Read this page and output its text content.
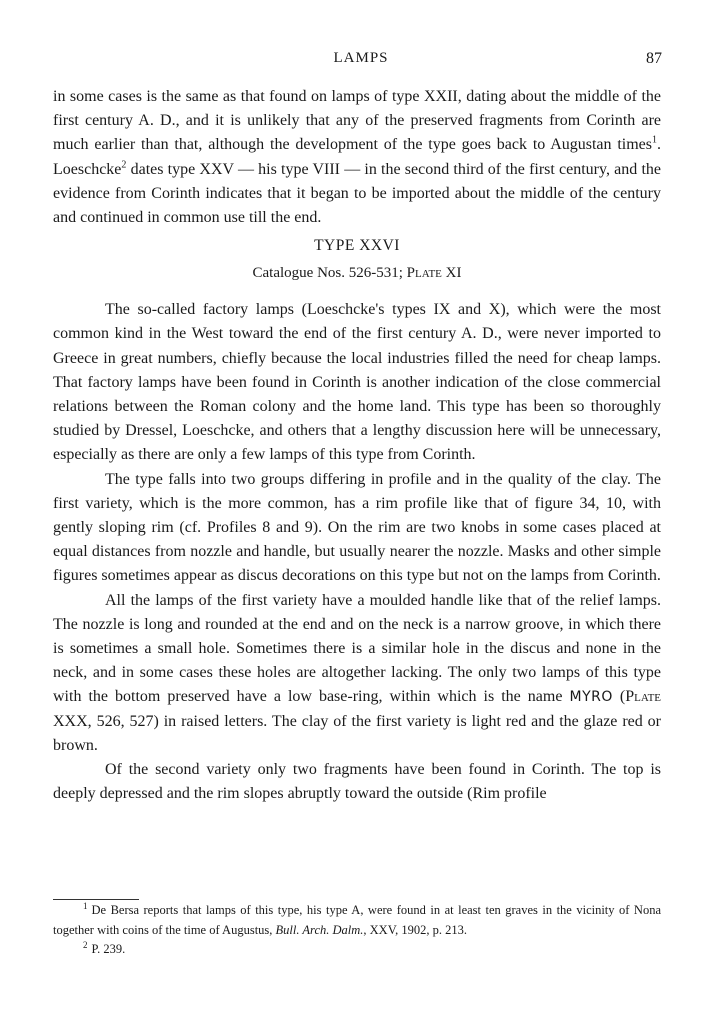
LAMPS	87

in some cases is the same as that found on lamps of type XXII, dating about the middle of the first century A. D., and it is unlikely that any of the preserved fragments from Corinth are much earlier than that, although the development of the type goes back to Augustan times$^1$. Loeschcke$^2$ dates type XXV — his type VIII — in the second third of the first century, and the evidence from Corinth indicates that it began to be imported about the middle of the century and continued in common use till the end.

TYPE XXVI
Catalogue Nos. 526-531; Plate XI

The so-called factory lamps (Loeschcke's types IX and X), which were the most common kind in the West toward the end of the first century A. D., were never imported to Greece in great numbers, chiefly because the local industries filled the need for cheap lamps. That factory lamps have been found in Corinth is another indication of the close commercial relations between the Roman colony and the home land. This type has been so thoroughly studied by Dressel, Loeschcke, and others that a lengthy discussion here will be unnecessary, especially as there are only a few lamps of this type from Corinth.

The type falls into two groups differing in profile and in the quality of the clay. The first variety, which is the more common, has a rim profile like that of figure 34, 10, with gently sloping rim (cf. Profiles 8 and 9). On the rim are two knobs in some cases placed at equal distances from nozzle and handle, but usually nearer the nozzle. Masks and other simple figures sometimes appear as discus decorations on this type but not on the lamps from Corinth.

All the lamps of the first variety have a moulded handle like that of the relief lamps. The nozzle is long and rounded at the end and on the neck is a narrow groove, in which there is sometimes a small hole. Sometimes there is a similar hole in the discus and none in the neck, and in some cases these holes are altogether lacking. The only two lamps of this type with the bottom preserved have a low base-ring, within which is the name MYRO (Plate XXX, 526, 527) in raised letters. The clay of the first variety is light red and the glaze red or brown.

Of the second variety only two fragments have been found in Corinth. The top is deeply depressed and the rim slopes abruptly toward the outside (Rim profile

$^1$ De Bersa reports that lamps of this type, his type A, were found in at least ten graves in the vicinity of Nona together with coins of the time of Augustus, Bull. Arch. Dalm., XXV, 1902, p. 213.

$^2$ P. 239.
